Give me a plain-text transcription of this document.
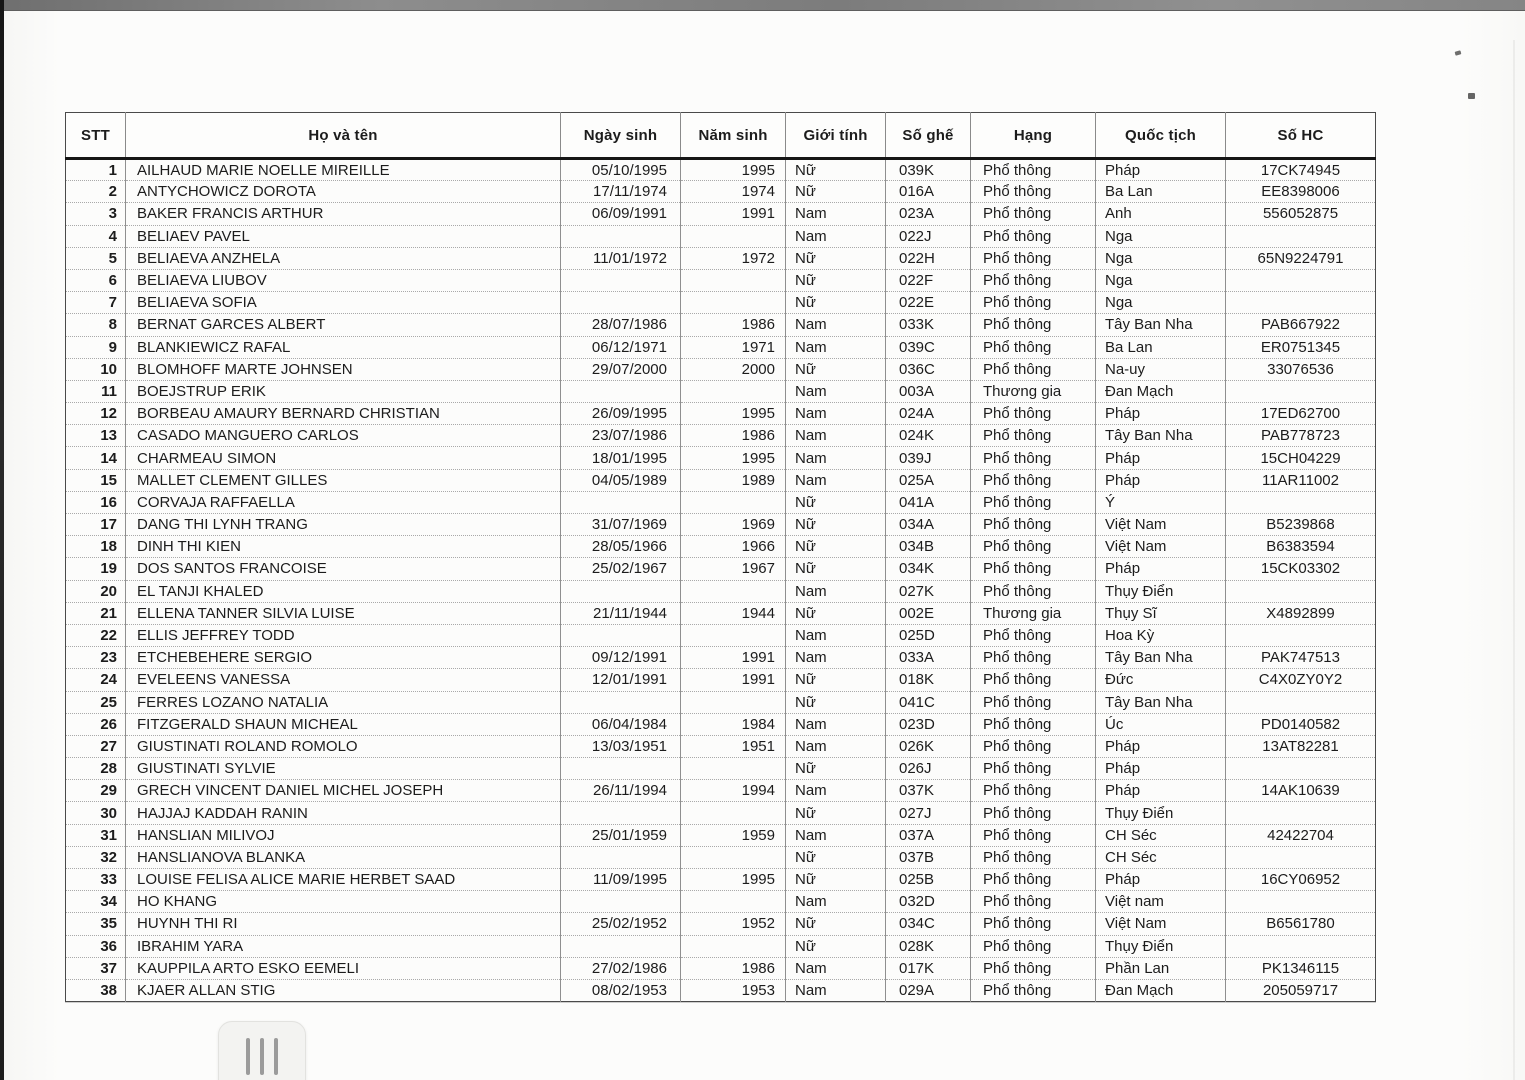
STT	Họ và tên	Ngày sinh	Năm sinh	Giới tính	Số ghế	Hạng	Quốc tịch	Số HC
1	AILHAUD MARIE NOELLE MIREILLE	05/10/1995	1995	Nữ	039K	Phổ thông	Pháp	17CK74945
2	ANTYCHOWICZ DOROTA	17/11/1974	1974	Nữ	016A	Phổ thông	Ba Lan	EE8398006
3	BAKER FRANCIS ARTHUR	06/09/1991	1991	Nam	023A	Phổ thông	Anh	556052875
4	BELIAEV PAVEL			Nam	022J	Phổ thông	Nga	
5	BELIAEVA ANZHELA	11/01/1972	1972	Nữ	022H	Phổ thông	Nga	65N9224791
6	BELIAEVA LIUBOV			Nữ	022F	Phổ thông	Nga	
7	BELIAEVA SOFIA			Nữ	022E	Phổ thông	Nga	
8	BERNAT GARCES ALBERT	28/07/1986	1986	Nam	033K	Phổ thông	Tây Ban Nha	PAB667922
9	BLANKIEWICZ RAFAL	06/12/1971	1971	Nam	039C	Phổ thông	Ba Lan	ER0751345
10	BLOMHOFF MARTE JOHNSEN	29/07/2000	2000	Nữ	036C	Phổ thông	Na-uy	33076536
11	BOEJSTRUP ERIK			Nam	003A	Thương gia	Đan Mạch	
12	BORBEAU AMAURY BERNARD CHRISTIAN	26/09/1995	1995	Nam	024A	Phổ thông	Pháp	17ED62700
13	CASADO MANGUERO CARLOS	23/07/1986	1986	Nam	024K	Phổ thông	Tây Ban Nha	PAB778723
14	CHARMEAU SIMON	18/01/1995	1995	Nam	039J	Phổ thông	Pháp	15CH04229
15	MALLET CLEMENT GILLES	04/05/1989	1989	Nam	025A	Phổ thông	Pháp	11AR11002
16	CORVAJA RAFFAELLA			Nữ	041A	Phổ thông	Ý	
17	DANG THI LYNH TRANG	31/07/1969	1969	Nữ	034A	Phổ thông	Việt Nam	B5239868
18	DINH THI KIEN	28/05/1966	1966	Nữ	034B	Phổ thông	Việt Nam	B6383594
19	DOS SANTOS FRANCOISE	25/02/1967	1967	Nữ	034K	Phổ thông	Pháp	15CK03302
20	EL TANJI KHALED			Nam	027K	Phổ thông	Thụy Điển	
21	ELLENA TANNER SILVIA LUISE	21/11/1944	1944	Nữ	002E	Thương gia	Thụy Sĩ	X4892899
22	ELLIS JEFFREY TODD			Nam	025D	Phổ thông	Hoa Kỳ	
23	ETCHEBEHERE SERGIO	09/12/1991	1991	Nam	033A	Phổ thông	Tây Ban Nha	PAK747513
24	EVELEENS VANESSA	12/01/1991	1991	Nữ	018K	Phổ thông	Đức	C4X0ZY0Y2
25	FERRES LOZANO NATALIA			Nữ	041C	Phổ thông	Tây Ban Nha	
26	FITZGERALD SHAUN MICHEAL	06/04/1984	1984	Nam	023D	Phổ thông	Úc	PD0140582
27	GIUSTINATI ROLAND ROMOLO	13/03/1951	1951	Nam	026K	Phổ thông	Pháp	13AT82281
28	GIUSTINATI SYLVIE			Nữ	026J	Phổ thông	Pháp	
29	GRECH VINCENT DANIEL MICHEL JOSEPH	26/11/1994	1994	Nam	037K	Phổ thông	Pháp	14AK10639
30	HAJJAJ KADDAH RANIN			Nữ	027J	Phổ thông	Thụy Điển	
31	HANSLIAN MILIVOJ	25/01/1959	1959	Nam	037A	Phổ thông	CH Séc	42422704
32	HANSLIANOVA BLANKA			Nữ	037B	Phổ thông	CH Séc	
33	LOUISE FELISA ALICE MARIE HERBET SAAD	11/09/1995	1995	Nữ	025B	Phổ thông	Pháp	16CY06952
34	HO KHANG			Nam	032D	Phổ thông	Việt nam	
35	HUYNH THI RI	25/02/1952	1952	Nữ	034C	Phổ thông	Việt Nam	B6561780
36	IBRAHIM YARA			Nữ	028K	Phổ thông	Thụy Điển	
37	KAUPPILA ARTO ESKO EEMELI	27/02/1986	1986	Nam	017K	Phổ thông	Phần Lan	PK1346115
38	KJAER ALLAN STIG	08/02/1953	1953	Nam	029A	Phổ thông	Đan Mạch	205059717
